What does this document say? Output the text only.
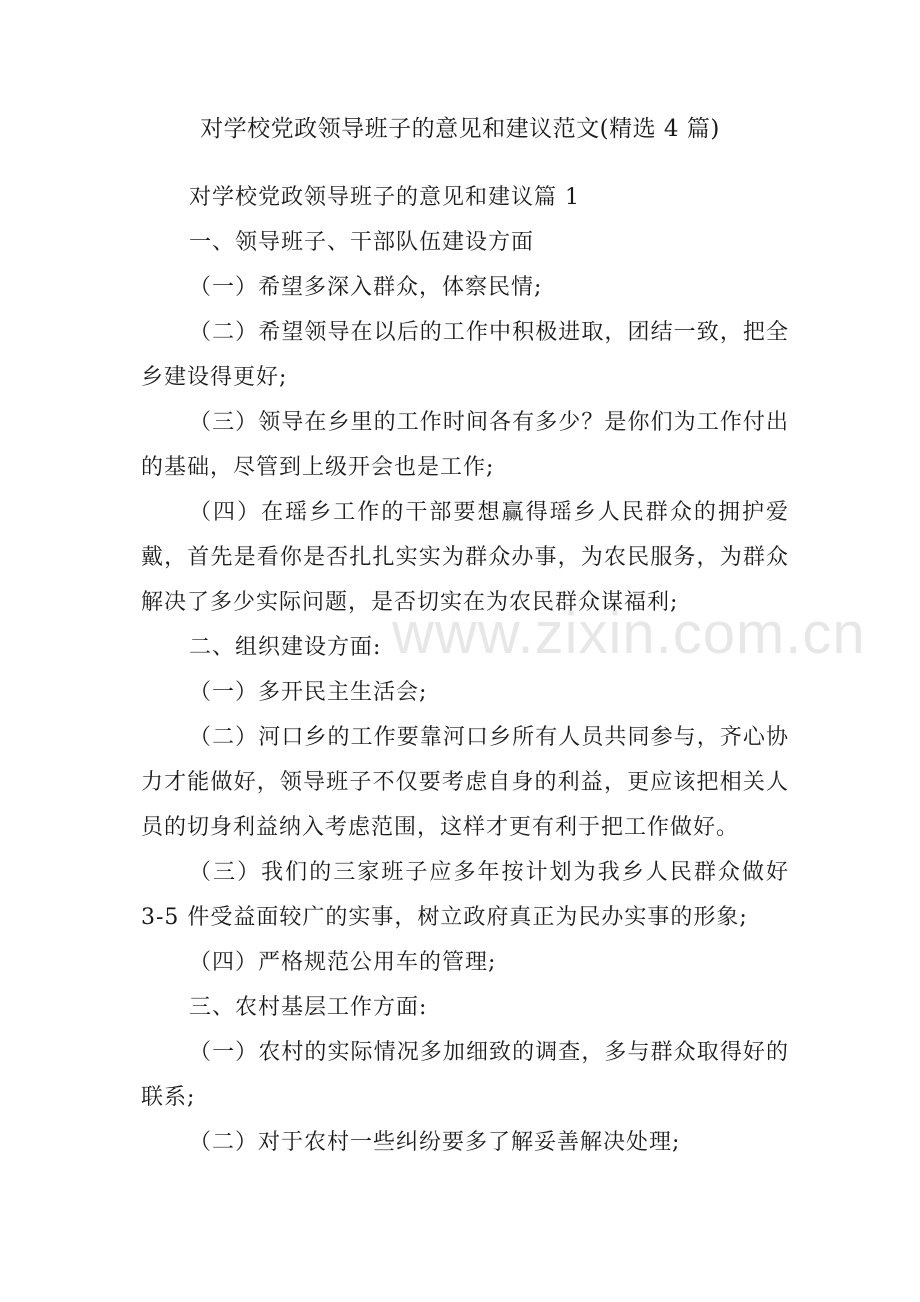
对学校党政领导班子的意见和建议范文(精选 4 篇)

对学校党政领导班子的意见和建议篇 1

一、领导班子、干部队伍建设方面

（一）希望多深入群众，体察民情;

（二）希望领导在以后的工作中积极进取，团结一致，把全乡建设得更好;

（三）领导在乡里的工作时间各有多少？是你们为工作付出的基础，尽管到上级开会也是工作;

（四）在瑶乡工作的干部要想赢得瑶乡人民群众的拥护爱戴，首先是看你是否扎扎实实为群众办事，为农民服务，为群众解决了多少实际问题，是否切实在为农民群众谋福利;

二、组织建设方面:

（一）多开民主生活会;

（二）河口乡的工作要靠河口乡所有人员共同参与，齐心协力才能做好，领导班子不仅要考虑自身的利益，更应该把相关人员的切身利益纳入考虑范围，这样才更有利于把工作做好。

（三）我们的三家班子应多年按计划为我乡人民群众做好 3-5 件受益面较广的实事，树立政府真正为民办实事的形象;

（四）严格规范公用车的管理;

三、农村基层工作方面:

（一）农村的实际情况多加细致的调查，多与群众取得好的联系;

（二）对于农村一些纠纷要多了解妥善解决处理;

www.zixin.com.cn
